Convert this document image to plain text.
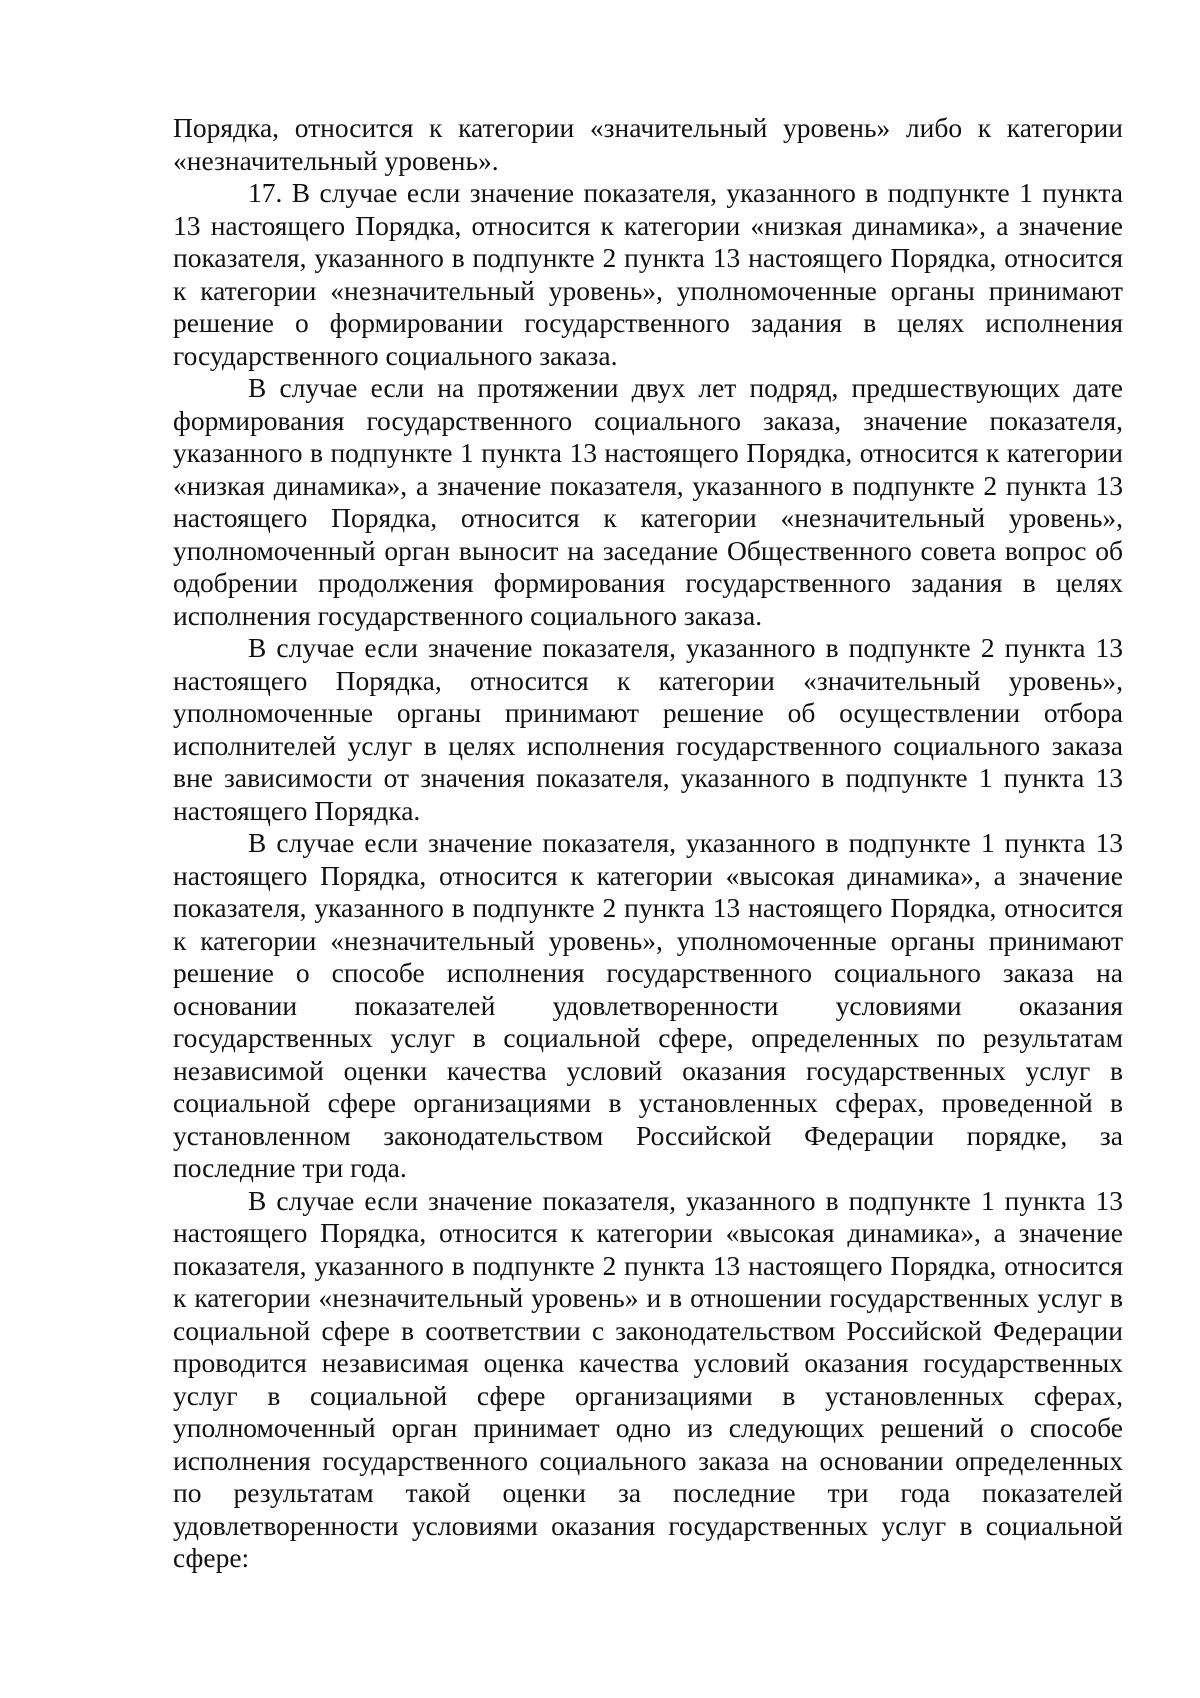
Порядка, относится к категории «значительный уровень» либо к категории «незначительный уровень».

17. В случае если значение показателя, указанного в подпункте 1 пункта 13 настоящего Порядка, относится к категории «низкая динамика», а значение показателя, указанного в подпункте 2 пункта 13 настоящего Порядка, относится к категории «незначительный уровень», уполномоченные органы принимают решение о формировании государственного задания в целях исполнения государственного социального заказа.

В случае если на протяжении двух лет подряд, предшествующих дате формирования государственного социального заказа, значение показателя, указанного в подпункте 1 пункта 13 настоящего Порядка, относится к категории «низкая динамика», а значение показателя, указанного в подпункте 2 пункта 13 настоящего Порядка, относится к категории «незначительный уровень», уполномоченный орган выносит на заседание Общественного совета вопрос об одобрении продолжения формирования государственного задания в целях исполнения государственного социального заказа.

В случае если значение показателя, указанного в подпункте 2 пункта 13 настоящего Порядка, относится к категории «значительный уровень», уполномоченные органы принимают решение об осуществлении отбора исполнителей услуг в целях исполнения государственного социального заказа вне зависимости от значения показателя, указанного в подпункте 1 пункта 13 настоящего Порядка.

В случае если значение показателя, указанного в подпункте 1 пункта 13 настоящего Порядка, относится к категории «высокая динамика», а значение показателя, указанного в подпункте 2 пункта 13 настоящего Порядка, относится к категории «незначительный уровень», уполномоченные органы принимают решение о способе исполнения государственного социального заказа на основании показателей удовлетворенности условиями оказания государственных услуг в социальной сфере, определенных по результатам независимой оценки качества условий оказания государственных услуг в социальной сфере организациями в установленных сферах, проведенной в установленном законодательством Российской Федерации порядке, за последние три года.

В случае если значение показателя, указанного в подпункте 1 пункта 13 настоящего Порядка, относится к категории «высокая динамика», а значение показателя, указанного в подпункте 2 пункта 13 настоящего Порядка, относится к категории «незначительный уровень» и в отношении государственных услуг в социальной сфере в соответствии с законодательством Российской Федерации проводится независимая оценка качества условий оказания государственных услуг в социальной сфере организациями в установленных сферах, уполномоченный орган принимает одно из следующих решений о способе исполнения государственного социального заказа на основании определенных по результатам такой оценки за последние три года показателей удовлетворенности условиями оказания государственных услуг в социальной сфере:
